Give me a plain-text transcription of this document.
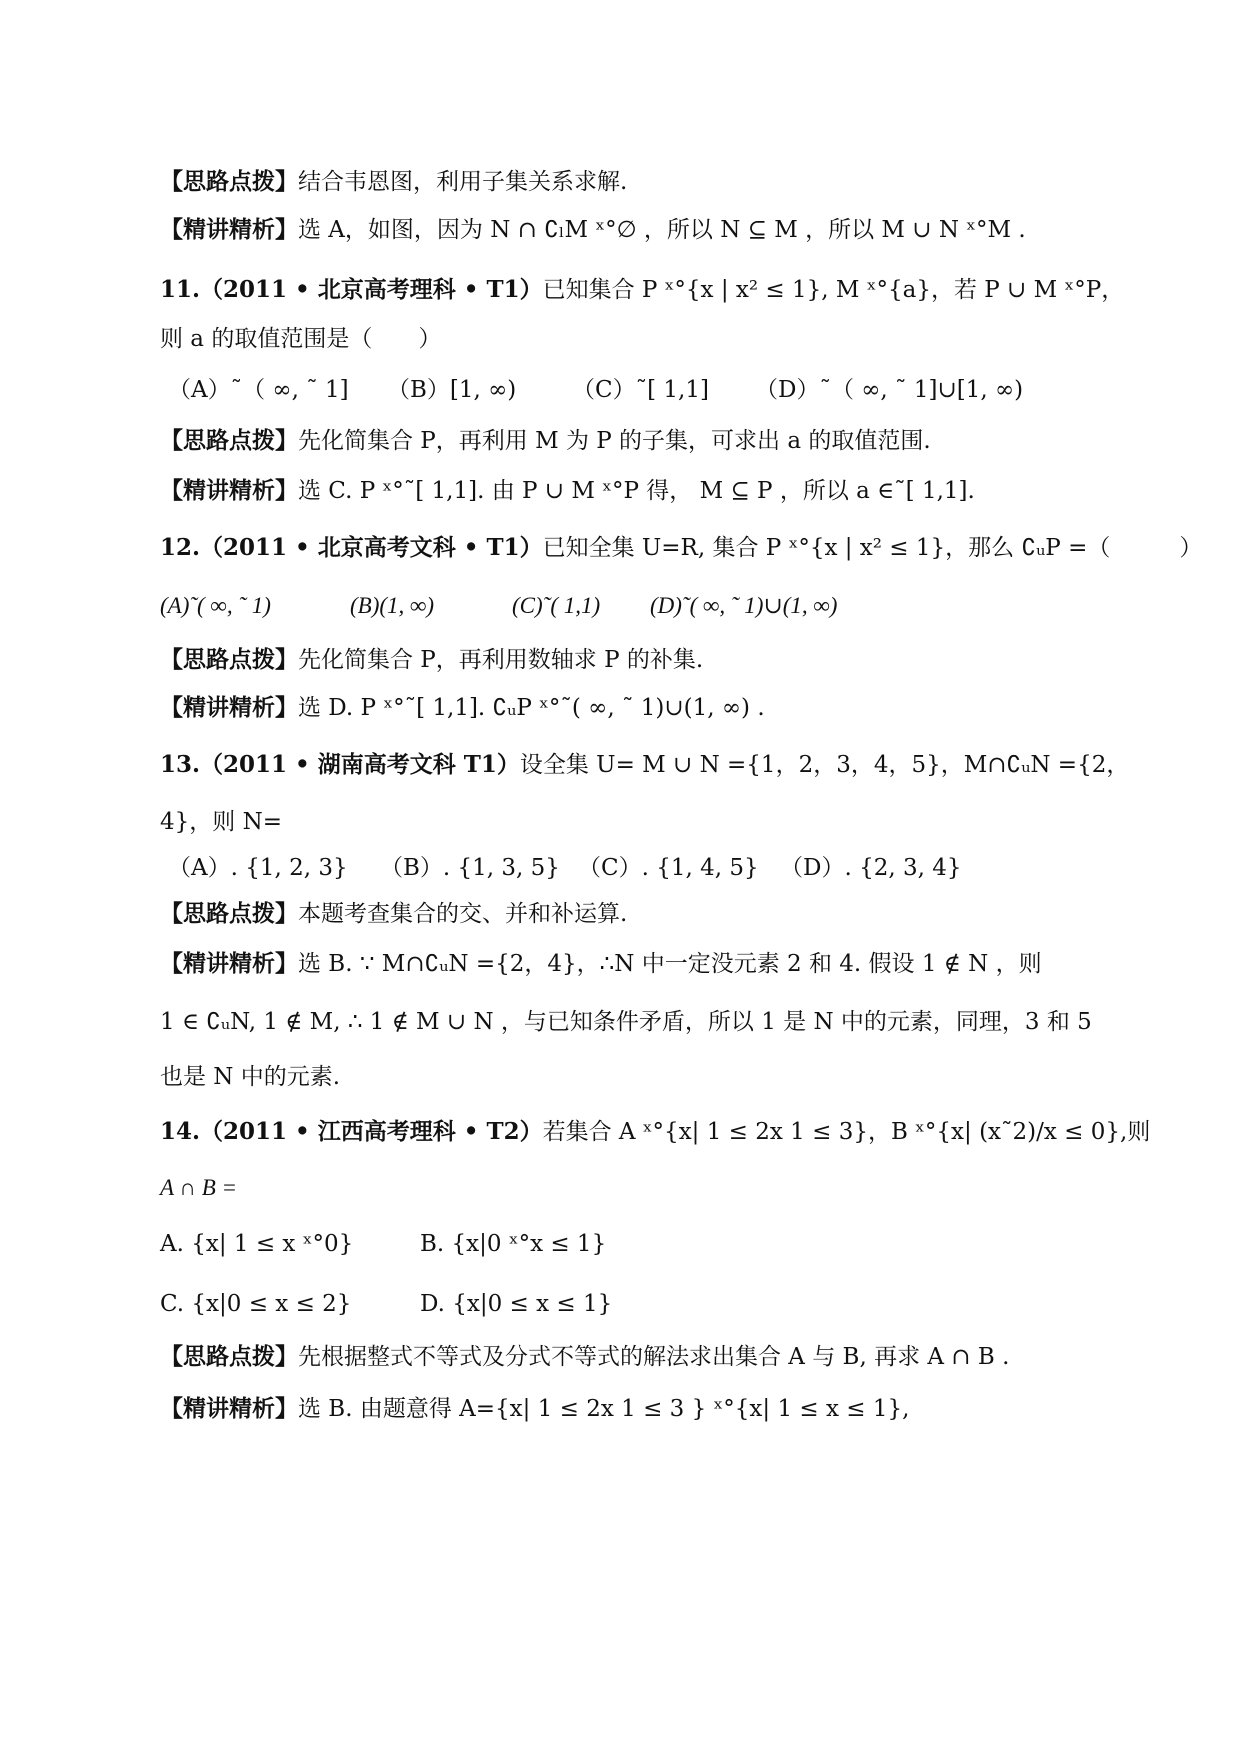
【思路点拨】结合韦恩图，利用子集关系求解.
【精讲精析】选 A，如图，因为 N ∩ ∁ₗM ˣ°∅ ，所以 N ⊆ M ，所以 M ∪ N ˣ°M .
11.（2011 • 北京高考理科 • T1）已知集合 P ˣ°{x | x² ≤ 1}, M ˣ°{a}，若 P ∪ M ˣ°P，
则 a 的取值范围是（　　）
（A）˜（ ∞, ˜ 1] （B）[1, ∞) （C）˜[ 1,1] （D）˜（ ∞, ˜ 1]∪[1, ∞)
【思路点拨】先化简集合 P，再利用 M 为 P 的子集，可求出 a 的取值范围.
【精讲精析】选 C. P ˣ°˜[ 1,1]. 由 P ∪ M ˣ°P 得， M ⊆ P ，所以 a ∈˜[ 1,1].
12.（2011 • 北京高考文科 • T1）已知全集 U=R, 集合 P ˣ°{x | x² ≤ 1}，那么 ∁ᵤP =（　　　）
(A)˜( ∞, ˜ 1)	(B)(1, ∞)	(C)˜( 1,1) (D)˜( ∞, ˜ 1)∪(1, ∞)
【思路点拨】先化简集合 P，再利用数轴求 P 的补集.
【精讲精析】选 D. P ˣ°˜[ 1,1]. ∁ᵤP ˣ°˜( ∞, ˜ 1)∪(1, ∞) .
13.（2011 • 湖南高考文科 T1）设全集 U= M ∪ N ={1，2，3，4，5}，M∩∁ᵤN ={2，
4}，则 N=
（A）. {1, 2, 3} （B）. {1, 3, 5} （C）. {1, 4, 5} （D）. {2, 3, 4}
【思路点拨】本题考查集合的交、并和补运算.
【精讲精析】选 B. ∵ M∩∁ᵤN ={2，4}，∴N 中一定没元素 2 和 4. 假设 1 ∉ N ，则
1 ∈ ∁ᵤN, 1 ∉ M, ∴ 1 ∉ M ∪ N ，与已知条件矛盾，所以 1 是 N 中的元素，同理，3 和 5
也是 N 中的元素.
14.（2011 • 江西高考理科 • T2）若集合 A ˣ°{x| 1 ≤ 2x 1 ≤ 3}，B ˣ°{x| (x˜2)/x ≤ 0},则
A ∩ B =
A. {x| 1 ≤ x ˣ°0}	B. {x|0 ˣ°x ≤ 1}
C. {x|0 ≤ x ≤ 2}	D. {x|0 ≤ x ≤ 1}
【思路点拨】先根据整式不等式及分式不等式的解法求出集合 A 与 B, 再求 A ∩ B .
【精讲精析】选 B. 由题意得 A={x| 1 ≤ 2x 1 ≤ 3 } ˣ°{x| 1 ≤ x ≤ 1},
